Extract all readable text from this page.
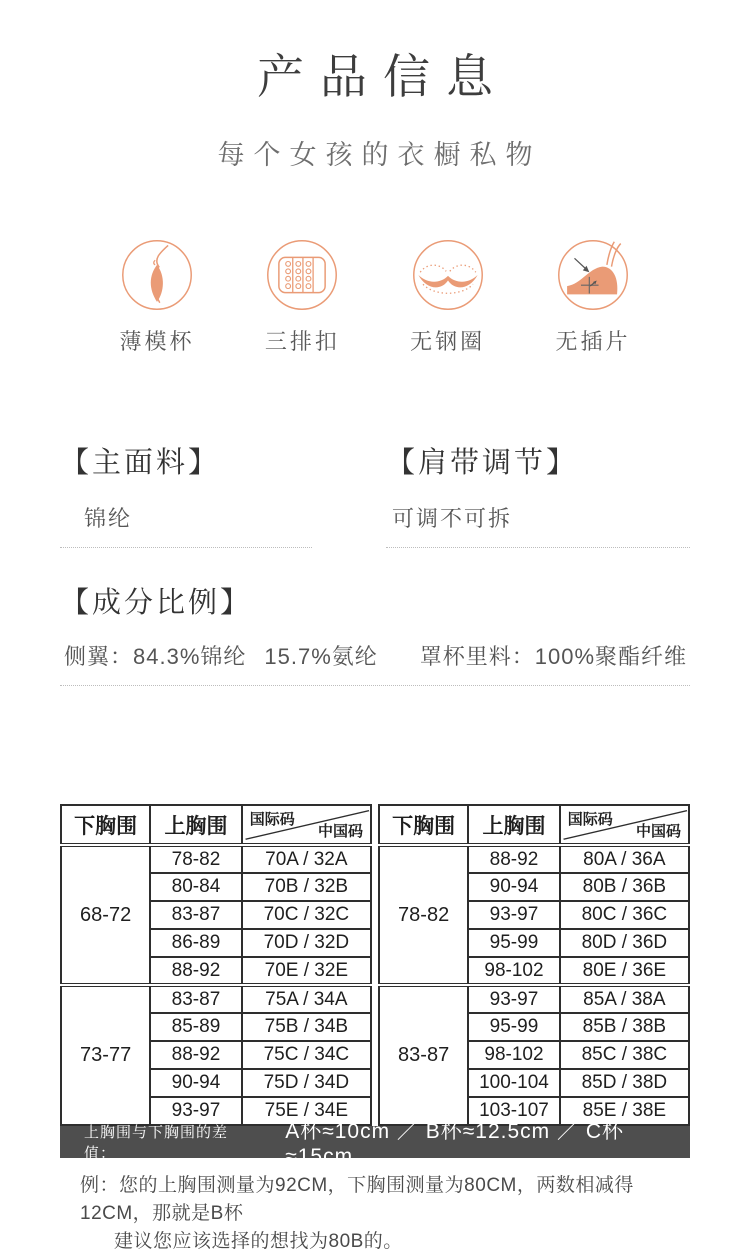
产品信息

每个女孩的衣橱私物

薄模杯	三排扣	无钢圈	无插片
【主面料】
锦纶
【肩带调节】
可调不可拆
【成分比例】
侧翼：84.3%锦纶 15.7%氨纶 罩杯里料：100%聚酯纤维
下胸围	上胸围	国际码
中国码

68-72	78-82	70A / 32A
	80-84	70B / 32B
	83-87	70C / 32C
	86-89	70D / 32D
	88-92	70E / 32E
73-77	83-87	75A / 34A
	85-89	75B / 34B
	88-92	75C / 34C
	90-94	75D / 34D
	93-97	75E / 34E
下胸围	上胸围	国际码
中国码

78-82	88-92	80A / 36A
	90-94	80B / 36B
	93-97	80C / 36C
	95-99	80D / 36D
	98-102	80E / 36E
83-87	93-97	85A / 38A
	95-99	85B / 38B
	98-102	85C / 38C
	100-104	85D / 38D
	103-107	85E / 38E
上胸围与下胸围的差值：
A杯≈10cm ／ B杯≈12.5cm ／ C杯≈15cm
例：您的上胸围测量为92CM，下胸围测量为80CM，两数相减得12CM，那就是B杯
建议您应该选择的想找为80B的。
